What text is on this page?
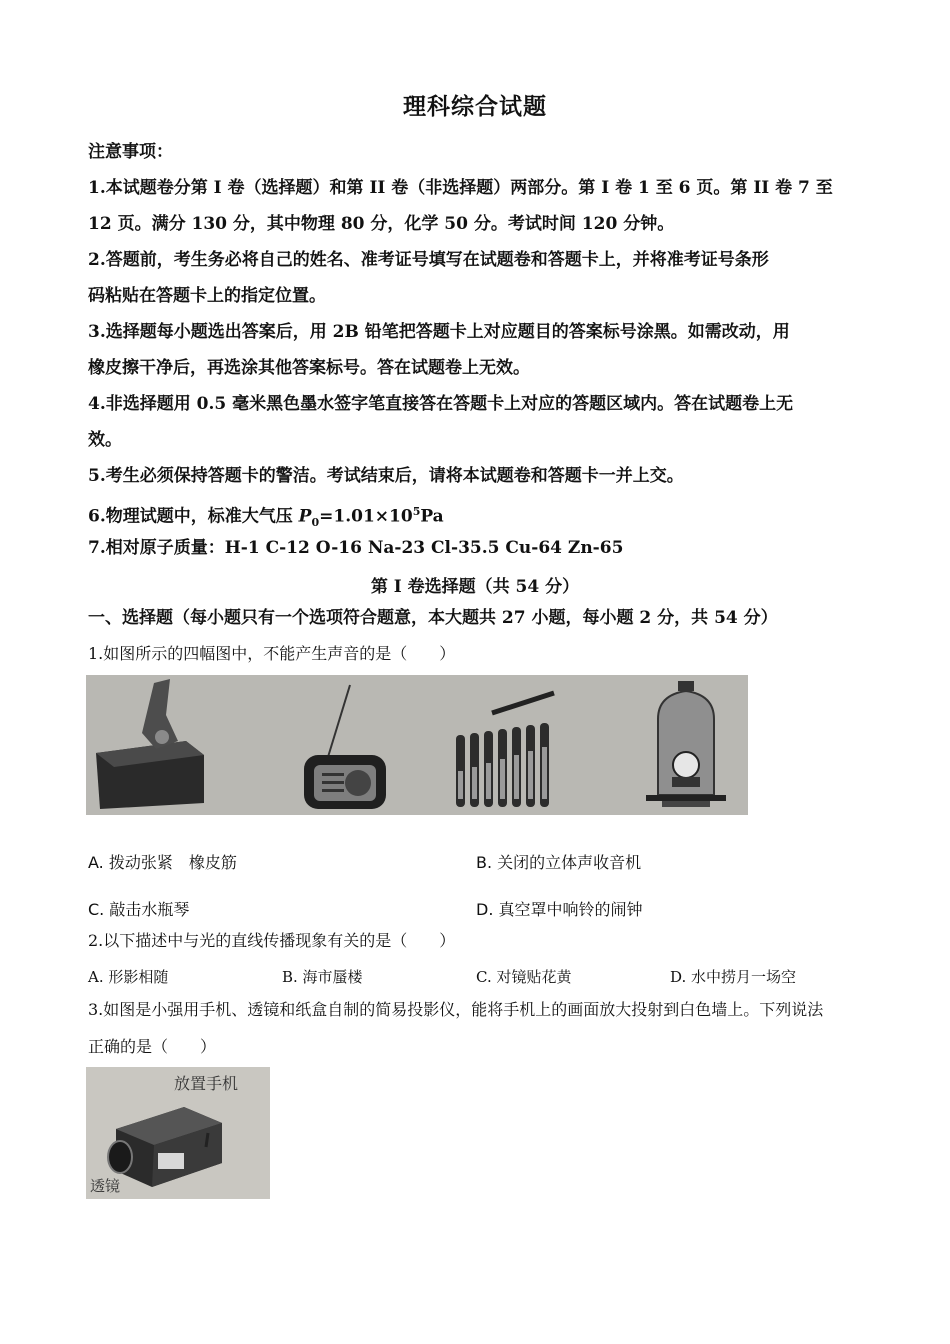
理科综合试题
注意事项：
1.本试题卷分第 I 卷（选择题）和第 II 卷（非选择题）两部分。第 I 卷 1 至 6 页。第 II 卷 7 至
12 页。满分 130 分，其中物理 80 分，化学 50 分。考试时间 120 分钟。
2.答题前，考生务必将自己的姓名、准考证号填写在试题卷和答题卡上，并将准考证号条形
码粘贴在答题卡上的指定位置。
3.选择题每小题选出答案后，用 2B 铅笔把答题卡上对应题目的答案标号涂黑。如需改动，用
橡皮擦干净后，再选涂其他答案标号。答在试题卷上无效。
4.非选择题用 0.5 毫米黑色墨水签字笔直接答在答题卡上对应的答题区域内。答在试题卷上无
效。
5.考生必须保持答题卡的警洁。考试结束后，请将本试题卷和答题卡一并上交。
6.物理试题中，标准大气压 $P_0=1.01\times 10^5Pa$
7.相对原子质量：H-1 C-12 O-16 Na-23 Cl-35.5 Cu-64 Zn-65
第 I 卷选择题（共 54 分）
一、选择题（每小题只有一个选项符合题意，本大题共 27 小题，每小题 2 分，共 54 分）
1.如图所示的四幅图中，不能产生声音的是（　　）
A. 拨动张紧　橡皮筋	B. 关闭的立体声收音机
C. 敲击水瓶琴	D. 真空罩中响铃的闹钟
2.以下描述中与光的直线传播现象有关的是（　　）
A. 形影相随	B. 海市蜃楼	C. 对镜贴花黄	D. 水中捞月一场空
3.如图是小强用手机、透镜和纸盒自制的简易投影仪，能将手机上的画面放大投射到白色墙上。下列说法
正确的是（　　）
放置手机
透镜
